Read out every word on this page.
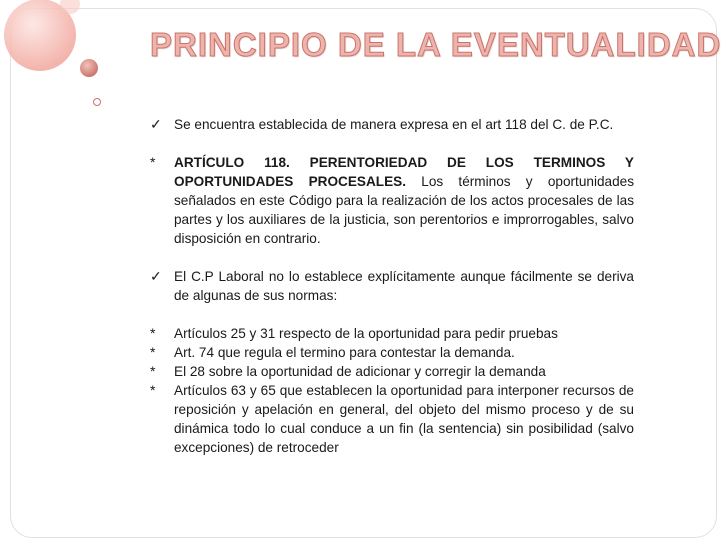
PRINCIPIO DE LA EVENTUALIDAD
✓ Se encuentra establecida de manera expresa en el art 118 del C. de P.C.
*	ARTÍCULO 118. PERENTORIEDAD DE LOS TERMINOS Y OPORTUNIDADES PROCESALES. Los términos y oportunidades señalados en este Código para la realización de los actos procesales de las partes y los auxiliares de la justicia, son perentorios e improrrogables, salvo disposición en contrario.
✓ El C.P Laboral no lo establece explícitamente aunque fácilmente se deriva de algunas de sus normas:
*	Artículos 25 y 31 respecto de la oportunidad para pedir pruebas
*	Art. 74 que regula el termino para contestar la demanda.
*	El 28 sobre la oportunidad de adicionar y corregir la demanda
*	Artículos 63 y 65 que establecen la oportunidad para interponer recursos de reposición y apelación en general, del objeto del mismo proceso y de su dinámica todo lo cual conduce a un fin (la sentencia) sin posibilidad (salvo excepciones) de retroceder
